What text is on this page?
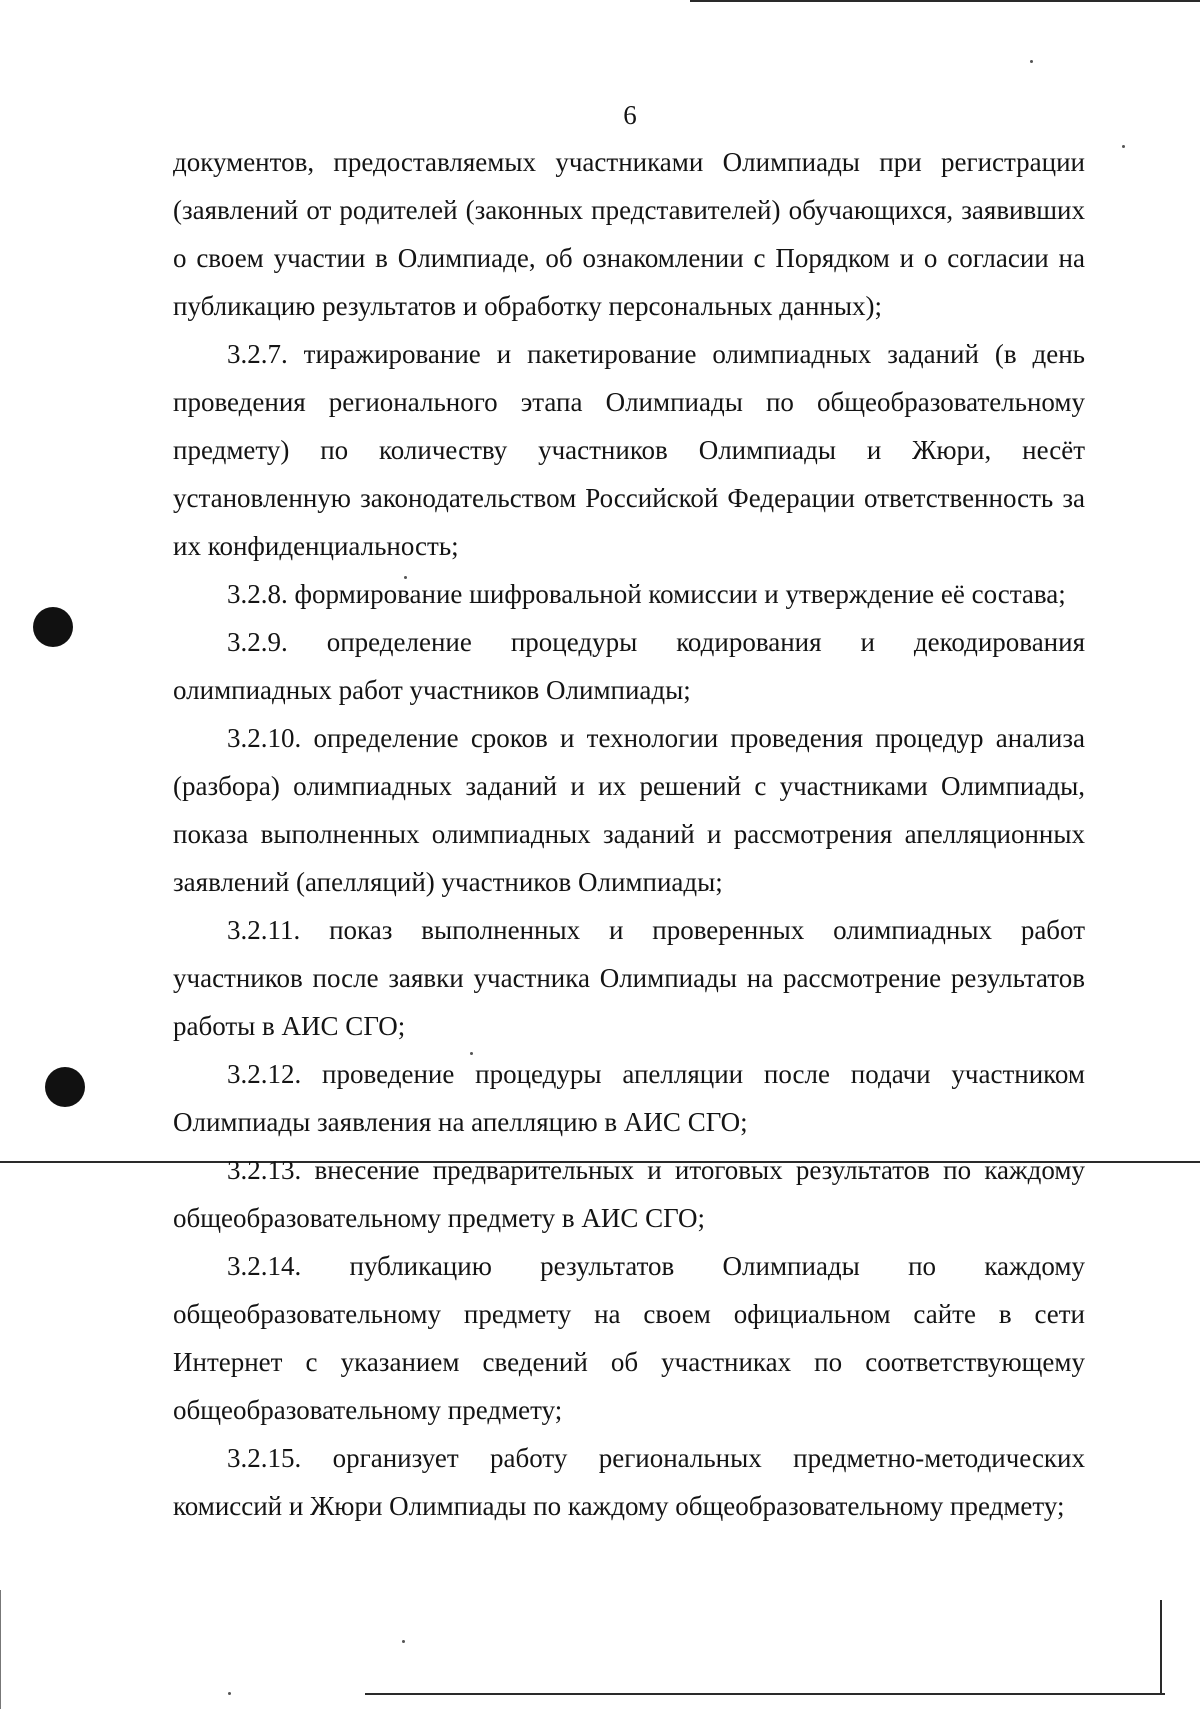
6

документов, предоставляемых участниками Олимпиады при регистрации (заявлений от родителей (законных представителей) обучающихся, заявивших о своем участии в Олимпиаде, об ознакомлении с Порядком и о согласии на публикацию результатов и обработку персональных данных);

3.2.7. тиражирование и пакетирование олимпиадных заданий (в день проведения регионального этапа Олимпиады по общеобразовательному предмету) по количеству участников Олимпиады и Жюри, несёт установленную законодательством Российской Федерации ответственность за их конфиденциальность;

3.2.8. формирование шифровальной комиссии и утверждение её состава;

3.2.9. определение процедуры кодирования и декодирования олимпиадных работ участников Олимпиады;

3.2.10. определение сроков и технологии проведения процедур анализа (разбора) олимпиадных заданий и их решений с участниками Олимпиады, показа выполненных олимпиадных заданий и рассмотрения апелляционных заявлений (апелляций) участников Олимпиады;

3.2.11. показ выполненных и проверенных олимпиадных работ участников после заявки участника Олимпиады на рассмотрение результатов работы в АИС СГО;

3.2.12. проведение процедуры апелляции после подачи участником Олимпиады заявления на апелляцию в АИС СГО;

3.2.13. внесение предварительных и итоговых результатов по каждому общеобразовательному предмету в АИС СГО;

3.2.14. публикацию результатов Олимпиады по каждому общеобразовательному предмету на своем официальном сайте в сети Интернет с указанием сведений об участниках по соответствующему общеобразовательному предмету;

3.2.15. организует работу региональных предметно-методических комиссий и Жюри Олимпиады по каждому общеобразовательному предмету;
